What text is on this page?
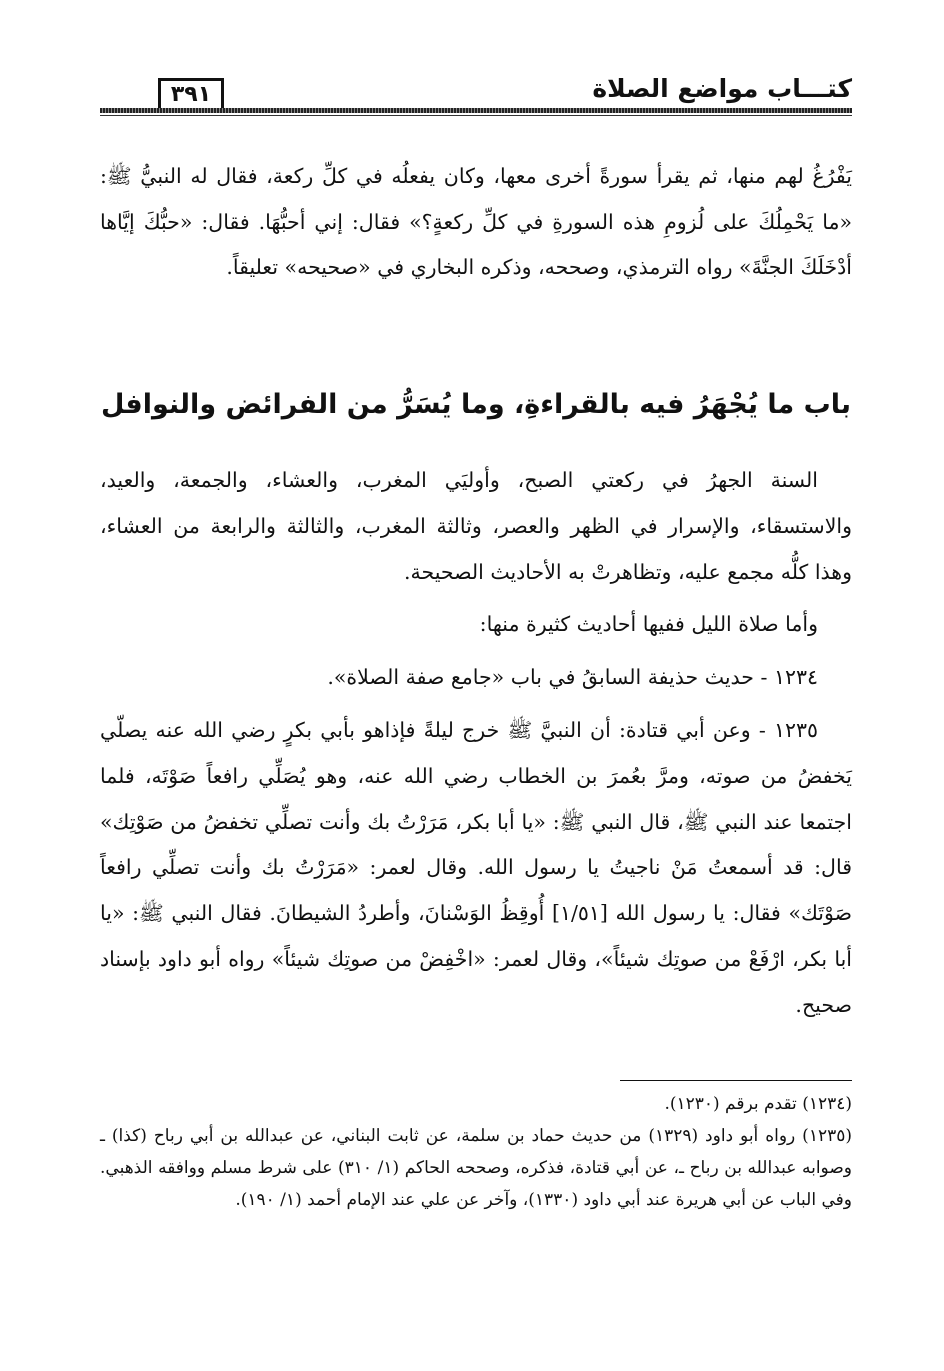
كتـــاب مواضع الصلاة
٣٩١

يَفْرُغُ لهم منها، ثم يقرأ سورةً أخرى معها، وكان يفعلُه في كلِّ ركعة، فقال له النبيُّ ﷺ: «ما يَحْمِلُكَ على لُزومِ هذه السورةِ في كلِّ ركعةٍ؟» فقال: إني أحبُّهَا. فقال: «حبُّكَ إيَّاها أدْخَلَكَ الجنَّةَ» رواه الترمذي، وصححه، وذكره البخاري في «صحيحه» تعليقاً.

باب ما يُجْهَرُ فيه بالقراءةِ، وما يُسَرُّ من الفرائض والنوافل

السنة الجهرُ في ركعتي الصبح، وأوليَي المغرب، والعشاء، والجمعة، والعيد، والاستسقاء، والإسرار في الظهر والعصر، وثالثة المغرب، والثالثة والرابعة من العشاء، وهذا كلُّه مجمع عليه، وتظاهرتْ به الأحاديث الصحيحة.

وأما صلاة الليل ففيها أحاديث كثيرة منها:

١٢٣٤ - حديث حذيفة السابقُ في باب «جامع صفة الصلاة».

١٢٣٥ - وعن أبي قتادة: أن النبيَّ ﷺ خرج ليلةً فإذاهو بأبي بكرٍ رضي الله عنه يصلّي يَخفضُ من صوته، ومرَّ بعُمرَ بن الخطاب رضي الله عنه، وهو يُصَلِّي رافعاً صَوْتَه، فلما اجتمعا عند النبي ﷺ، قال النبي ﷺ: «يا أبا بكر، مَرَرْتُ بك وأنت تصلِّي تخفضُ من صَوْتِك» قال: قد أسمعتُ مَنْ ناجيتُ يا رسول الله. وقال لعمر: «مَرَرْتُ بك وأنت تصلِّي رافعاً صَوْتَك» فقال: يا رسول الله [١/٥١] أُوقِظُ الوَسْنانَ، وأطردُ الشيطانَ. فقال النبي ﷺ: «يا أبا بكر، ارْفَعْ من صوتِك شيئاً»، وقال لعمر: «اخْفِضْ من صوتِك شيئاً» رواه أبو داود بإسناد صحيح.

(١٢٣٤) تقدم برقم (١٢٣٠).

(١٢٣٥) رواه أبو داود (١٣٢٩) من حديث حماد بن سلمة، عن ثابت البناني، عن عبدالله بن أبي رباح (كذا) ـ وصوابه عبدالله بن رباح ـ، عن أبي قتادة، فذكره، وصححه الحاكم (١/ ٣١٠) على شرط مسلم ووافقه الذهبي. وفي الباب عن أبي هريرة عند أبي داود (١٣٣٠)، وآخر عن علي عند الإمام أحمد (١/ ١٩٠).
